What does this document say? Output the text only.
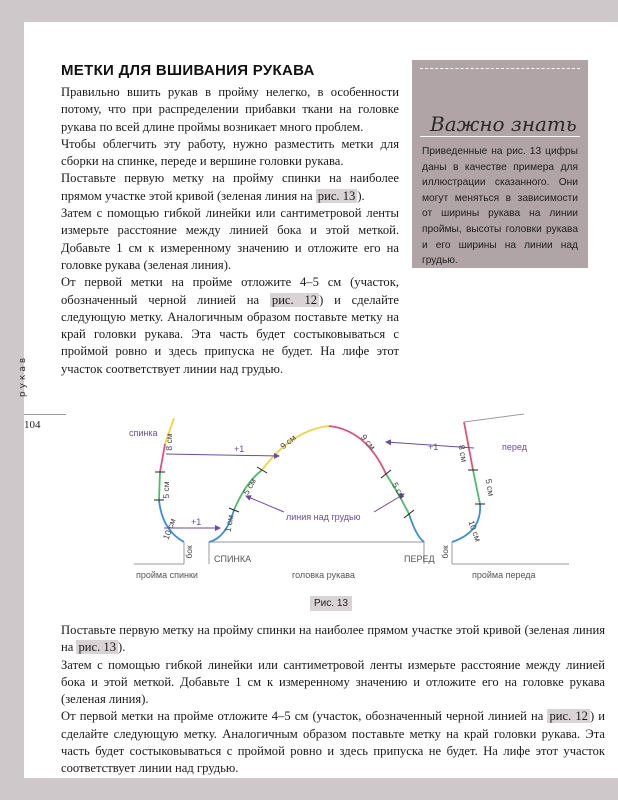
рукав
104
МЕТКИ ДЛЯ ВШИВАНИЯ РУКАВА

Правильно вшить рукав в пройму нелегко, в особенности потому, что при распределении прибавки ткани на головке рукава по всей длине проймы возникает много проблем.

Чтобы облегчить эту работу, нужно разместить метки для сборки на спинке, переде и вершине головки рукава.

Поставьте первую метку на пройму спинки на наиболее прямом участке этой кривой (зеленая линия на рис. 13 ).

Затем с помощью гибкой линейки или сантиметровой ленты измерьте расстояние между линией бока и этой меткой. Добавьте 1 см к измеренному значению и отложите его на головке рукава (зеленая линия).

От первой метки на пройме отложите 4–5 см (участок, обозначенный черной линией на рис. 12 ) и сделайте следующую метку. Аналогичным образом поставьте метку на край головки рукава. Эта часть будет состыковываться с проймой ровно и здесь припуска не будет. На лифе этот участок соответствует линии над грудью.

Важно знать
Приведенные на рис. 13 цифры даны в качестве примера для иллюстрации сказанного. Они могут меняться в зависимости от ширины рукава на линии проймы, высоты головки рукава и его ширины на линии над грудью.
спинка
перед
+1
+1
+1
линия над грудью
8 см
5 см
10 см
9 см
5 см
1 см
9 см
5 см
8 см
5 см
10 см
бок	бок
СПИНКА	ПЕРЕД
пройма спинки	головка рукава	пройма переда
Рис. 13

Поставьте первую метку на пройму спинки на наиболее прямом участке этой кривой (зеленая линия на рис. 13 ).

Затем с помощью гибкой линейки или сантиметровой ленты измерьте расстояние между линией бока и этой меткой. Добавьте 1 см к измеренному значению и отложите его на головке рукава (зеленая линия).

От первой метки на пройме отложите 4–5 см (участок, обозначенный черной линией на рис. 12 ) и сделайте следующую метку. Аналогичным образом поставьте метку на край головки рукава. Эта часть будет состыковываться с проймой ровно и здесь припуска не будет. На лифе этот участок соответствует линии над грудью.
